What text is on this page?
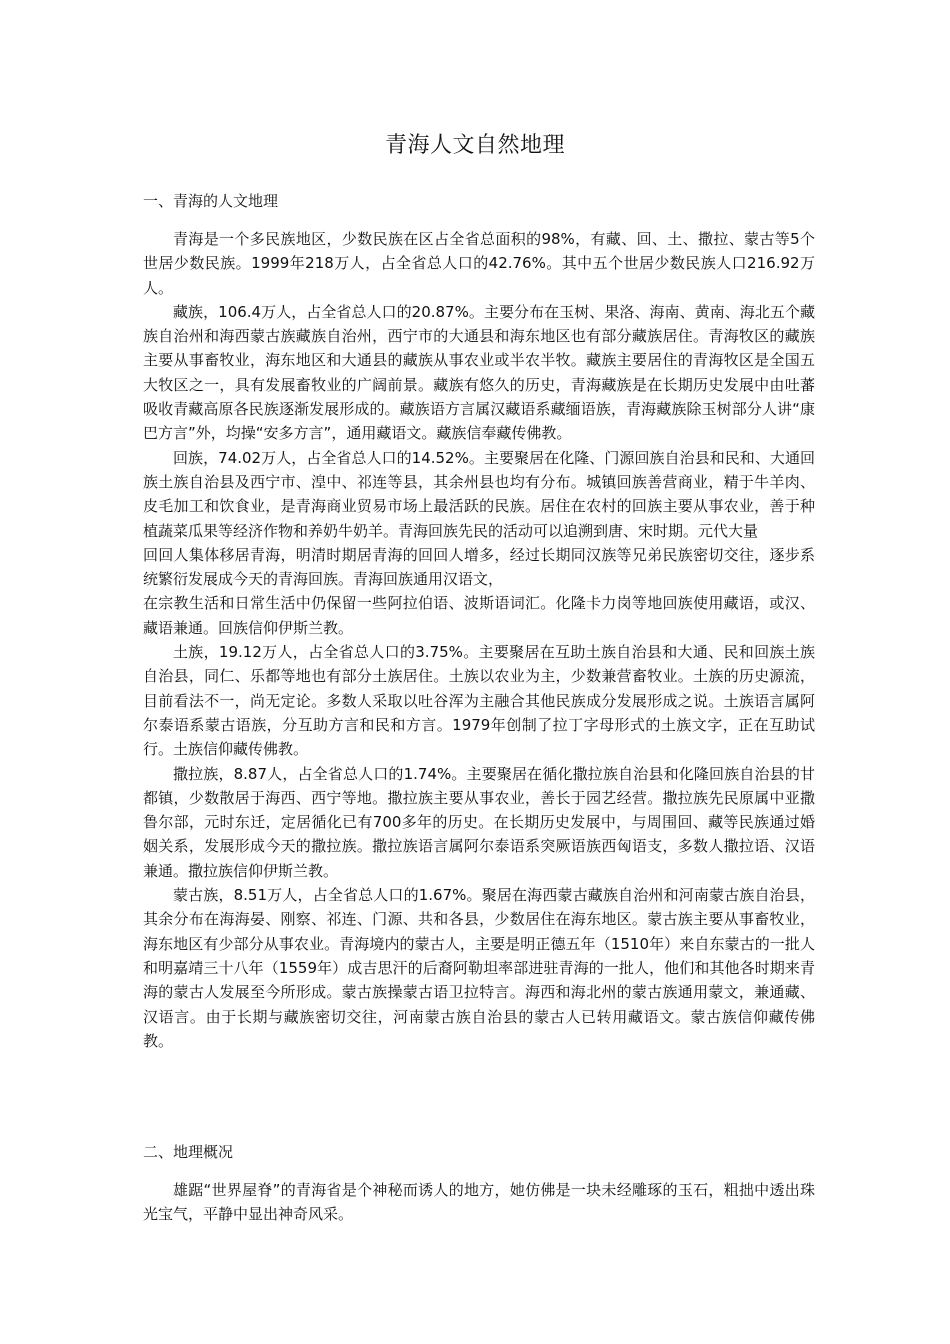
青海人文自然地理
一、青海的人文地理

青海是一个多民族地区，少数民族在区占全省总面积的98%，有藏、回、土、撒拉、蒙古等5个世居少数民族。1999年218万人，占全省总人口的42.76%。其中五个世居少数民族人口216.92万人。

藏族，106.4万人，占全省总人口的20.87%。主要分布在玉树、果洛、海南、黄南、海北五个藏族自治州和海西蒙古族藏族自治州，西宁市的大通县和海东地区也有部分藏族居住。青海牧区的藏族主要从事畜牧业，海东地区和大通县的藏族从事农业或半农半牧。藏族主要居住的青海牧区是全国五大牧区之一，具有发展畜牧业的广阔前景。藏族有悠久的历史，青海藏族是在长期历史发展中由吐蕃吸收青藏高原各民族逐渐发展形成的。藏族语方言属汉藏语系藏缅语族，青海藏族除玉树部分人讲“康巴方言”外，均操“安多方言”，通用藏语文。藏族信奉藏传佛教。

回族，74.02万人，占全省总人口的14.52%。主要聚居在化隆、门源回族自治县和民和、大通回族土族自治县及西宁市、湟中、祁连等县，其余州县也均有分布。城镇回族善营商业，精于牛羊肉、皮毛加工和饮食业，是青海商业贸易市场上最活跃的民族。居住在农村的回族主要从事农业，善于种植蔬菜瓜果等经济作物和养奶牛奶羊。青海回族先民的活动可以追溯到唐、宋时期。元代大量

回回人集体移居青海，明清时期居青海的回回人增多，经过长期同汉族等兄弟民族密切交往，逐步系统繁衍发展成今天的青海回族。青海回族通用汉语文，

在宗教生活和日常生活中仍保留一些阿拉伯语、波斯语词汇。化隆卡力岗等地回族使用藏语，或汉、藏语兼通。回族信仰伊斯兰教。

土族，19.12万人，占全省总人口的3.75%。主要聚居在互助土族自治县和大通、民和回族土族自治县，同仁、乐都等地也有部分土族居住。土族以农业为主，少数兼营畜牧业。土族的历史源流，目前看法不一，尚无定论。多数人采取以吐谷浑为主融合其他民族成分发展形成之说。土族语言属阿尔泰语系蒙古语族，分互助方言和民和方言。1979年创制了拉丁字母形式的土族文字，正在互助试行。土族信仰藏传佛教。

撒拉族，8.87人，占全省总人口的1.74%。主要聚居在循化撒拉族自治县和化隆回族自治县的甘都镇，少数散居于海西、西宁等地。撒拉族主要从事农业，善长于园艺经营。撒拉族先民原属中亚撒鲁尔部，元时东迁，定居循化已有700多年的历史。在长期历史发展中，与周围回、藏等民族通过婚姻关系，发展形成今天的撒拉族。撒拉族语言属阿尔泰语系突厥语族西匈语支，多数人撒拉语、汉语兼通。撒拉族信仰伊斯兰教。

蒙古族，8.51万人，占全省总人口的1.67%。聚居在海西蒙古藏族自治州和河南蒙古族自治县，其余分布在海海晏、刚察、祁连、门源、共和各县，少数居住在海东地区。蒙古族主要从事畜牧业，海东地区有少部分从事农业。青海境内的蒙古人，主要是明正德五年（1510年）来自东蒙古的一批人和明嘉靖三十八年（1559年）成吉思汗的后裔阿勒坦率部进驻青海的一批人，他们和其他各时期来青海的蒙古人发展至今所形成。蒙古族操蒙古语卫拉特言。海西和海北州的蒙古族通用蒙文，兼通藏、汉语言。由于长期与藏族密切交往，河南蒙古族自治县的蒙古人已转用藏语文。蒙古族信仰藏传佛教。

二、地理概况

雄踞“世界屋脊”的青海省是个神秘而诱人的地方，她仿佛是一块未经雕琢的玉石，粗拙中透出珠光宝气，平静中显出神奇风采。
